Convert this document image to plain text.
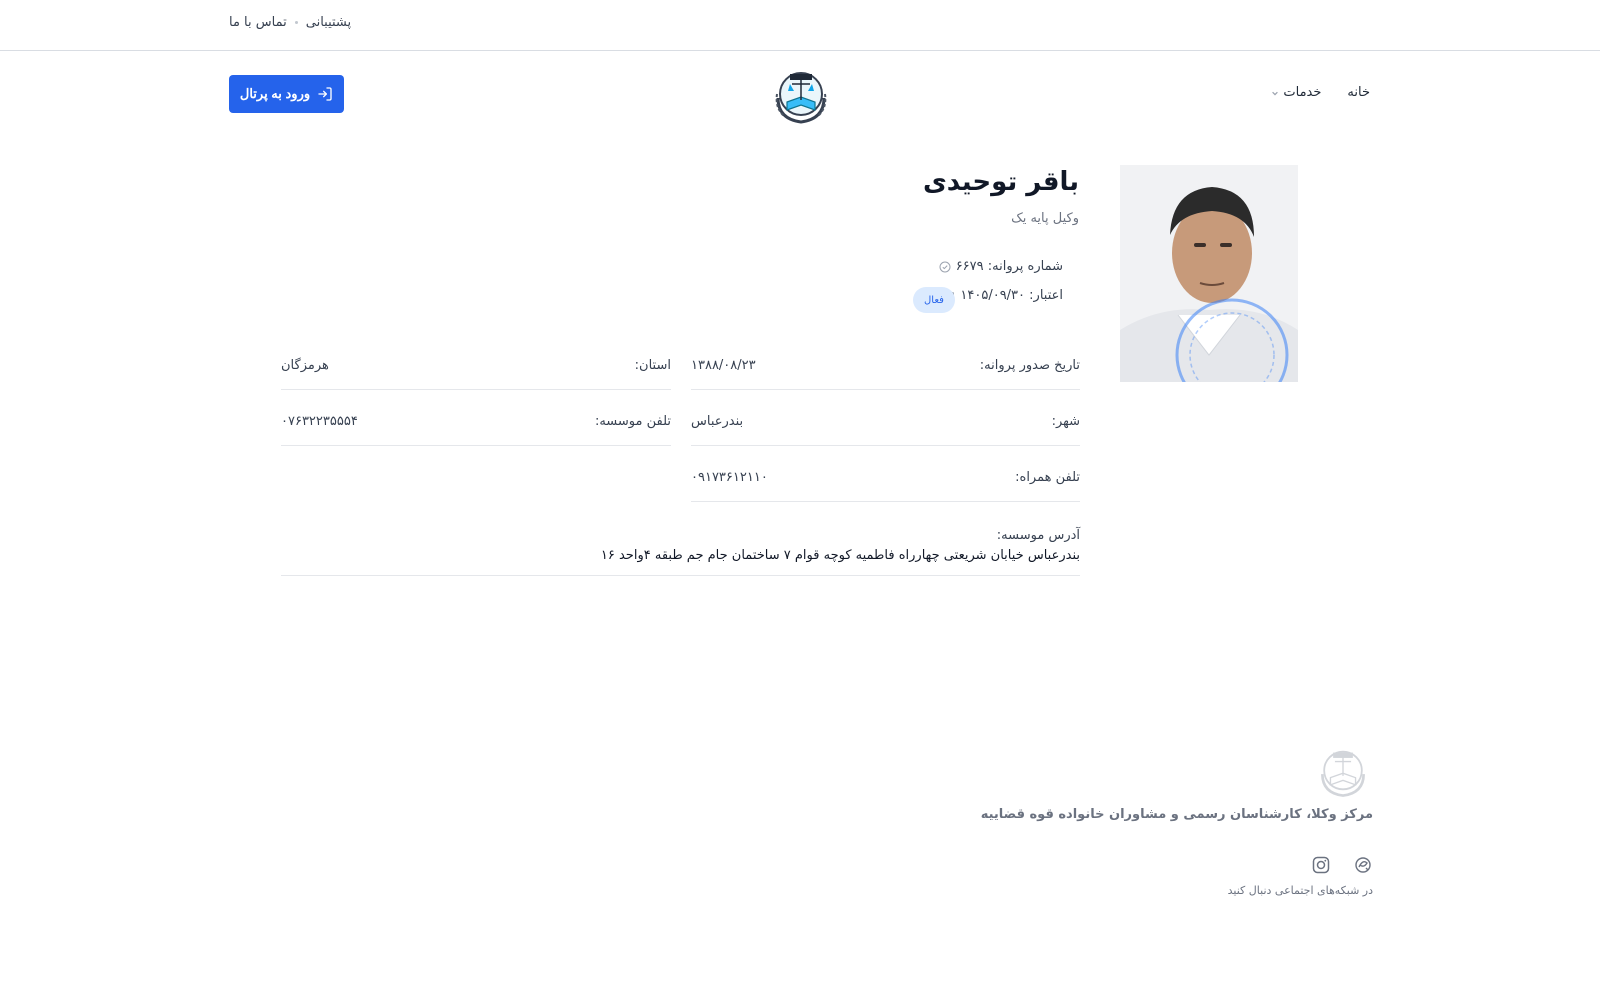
تماس با ما پشتیبانی
ورود به پرتال	خانه
خدمات
باقر توحیدی
وکیل پایه یک
شماره پروانه: ۶۶۷۹
اعتبار: ۱۴۰۵/۰۹/۳۰
فعال
تاریخ صدور پروانه:
۱۳۸۸/۰۸/۲۳
استان:
هرمزگان
شهر:
بندرعباس
تلفن موسسه:
۰۷۶۳۲۲۳۵۵۵۴
تلفن همراه:
۰۹۱۷۳۶۱۲۱۱۰
آدرس موسسه:
بندرعباس خیابان شریعتی چهارراه فاطمیه کوچه قوام ۷ ساختمان جام جم طبقه ۴واحد ۱۶
مرکز وکلا، کارشناسان رسمی و مشاوران خانواده قوه قضاییه
در شبکه‌های اجتماعی دنبال کنید
